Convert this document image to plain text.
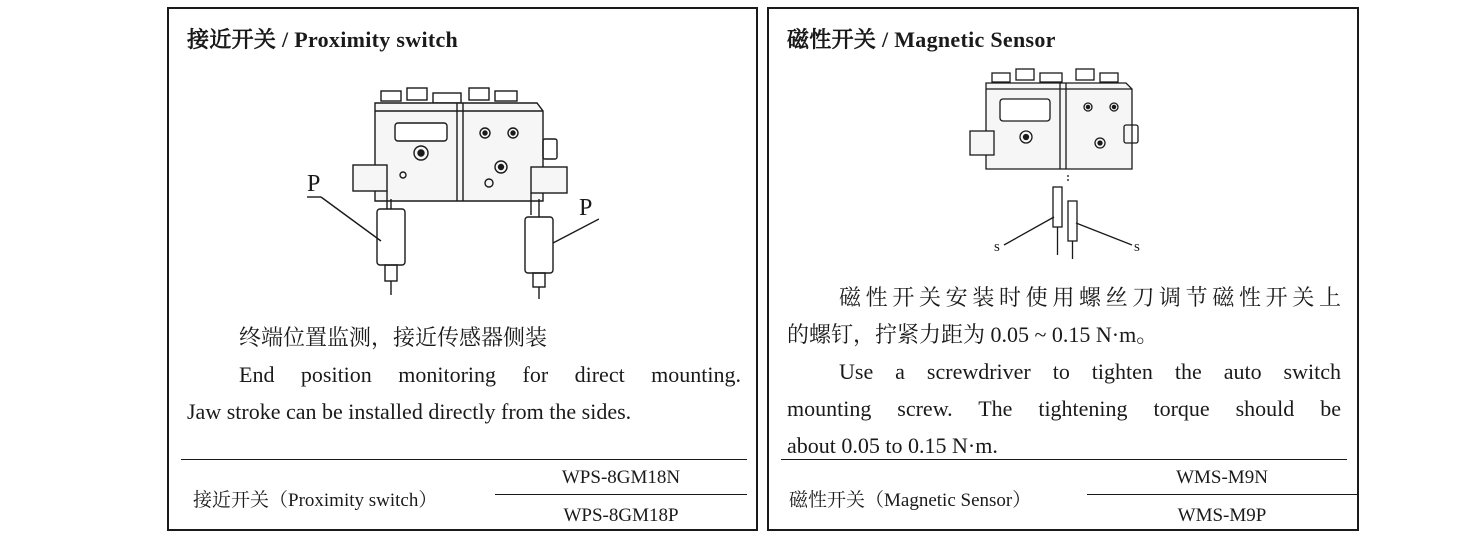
接近开关 / Proximity switch
P
P

终端位置监测，接近传感器侧装

End position monitoring for direct mounting.

Jaw stroke can be installed directly from the sides.

接近开关（Proximity switch）
WPS-8GM18N
WPS-8GM18P
磁性开关 / Magnetic Sensor
s	s

磁性开关安装时使用螺丝刀调节磁性开关上

的螺钉，拧紧力距为 0.05 ~ 0.15 N·m。

Use a screwdriver to tighten the auto switch

mounting screw. The tightening torque should be

about 0.05 to 0.15 N·m.

磁性开关（Magnetic Sensor）
WMS-M9N
WMS-M9P
